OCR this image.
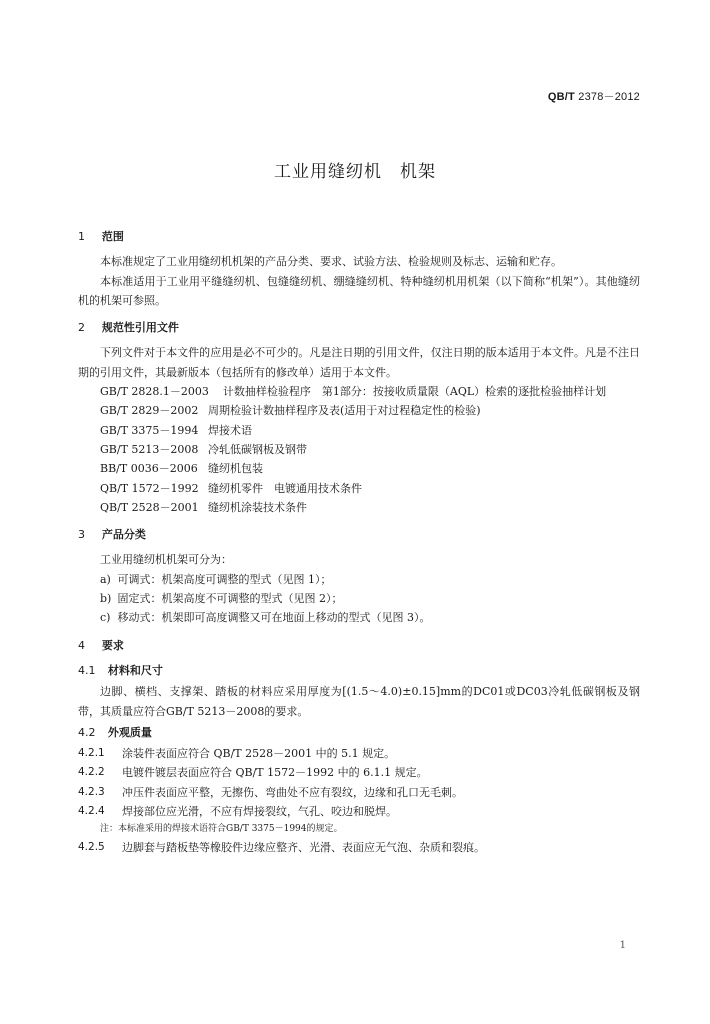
QB/T 2378－2012
工业用缝纫机　机架
1 范围

本标准规定了工业用缝纫机机架的产品分类、要求、试验方法、检验规则及标志、运输和贮存。

本标准适用于工业用平缝缝纫机、包缝缝纫机、绷缝缝纫机、特种缝纫机用机架（以下简称“机架”）。其他缝纫机的机架可参照。

2 规范性引用文件

下列文件对于本文件的应用是必不可少的。凡是注日期的引用文件，仅注日期的版本适用于本文件。凡是不注日期的引用文件，其最新版本（包括所有的修改单）适用于本文件。

GB/T 2828.1－2003 计数抽样检验程序　第1部分：按接收质量限（AQL）检索的逐批检验抽样计划
GB/T 2829－2002 周期检验计数抽样程序及表(适用于对过程稳定性的检验)
GB/T 3375－1994 焊接术语
GB/T 5213－2008 冷轧低碳钢板及钢带
BB/T 0036－2006 缝纫机包装
QB/T 1572－1992 缝纫机零件　电镀通用技术条件
QB/T 2528－2001 缝纫机涂装技术条件
3 产品分类

工业用缝纫机机架可分为：

a) 可调式：机架高度可调整的型式（见图 1）；
b) 固定式：机架高度不可调整的型式（见图 2）；
c) 移动式：机架即可高度调整又可在地面上移动的型式（见图 3）。
4 要求
4.1 材料和尺寸

边脚、横档、支撑架、踏板的材料应采用厚度为[(1.5～4.0)±0.15]mm的DC01或DC03冷轧低碳钢板及钢带，其质量应符合GB/T 5213－2008的要求。

4.2 外观质量
4.2.1	涂装件表面应符合 QB/T 2528－2001 中的 5.1 规定。
4.2.2	电镀件镀层表面应符合 QB/T 1572－1992 中的 6.1.1 规定。
4.2.3	冲压件表面应平整，无擦伤、弯曲处不应有裂纹，边缘和孔口无毛刺。
4.2.4	焊接部位应光滑，不应有焊接裂纹，气孔、咬边和脱焊。

注：本标准采用的焊接术语符合GB/T 3375－1994的规定。

4.2.5	边脚套与踏板垫等橡胶件边缘应整齐、光滑、表面应无气泡、杂质和裂痕。
1
